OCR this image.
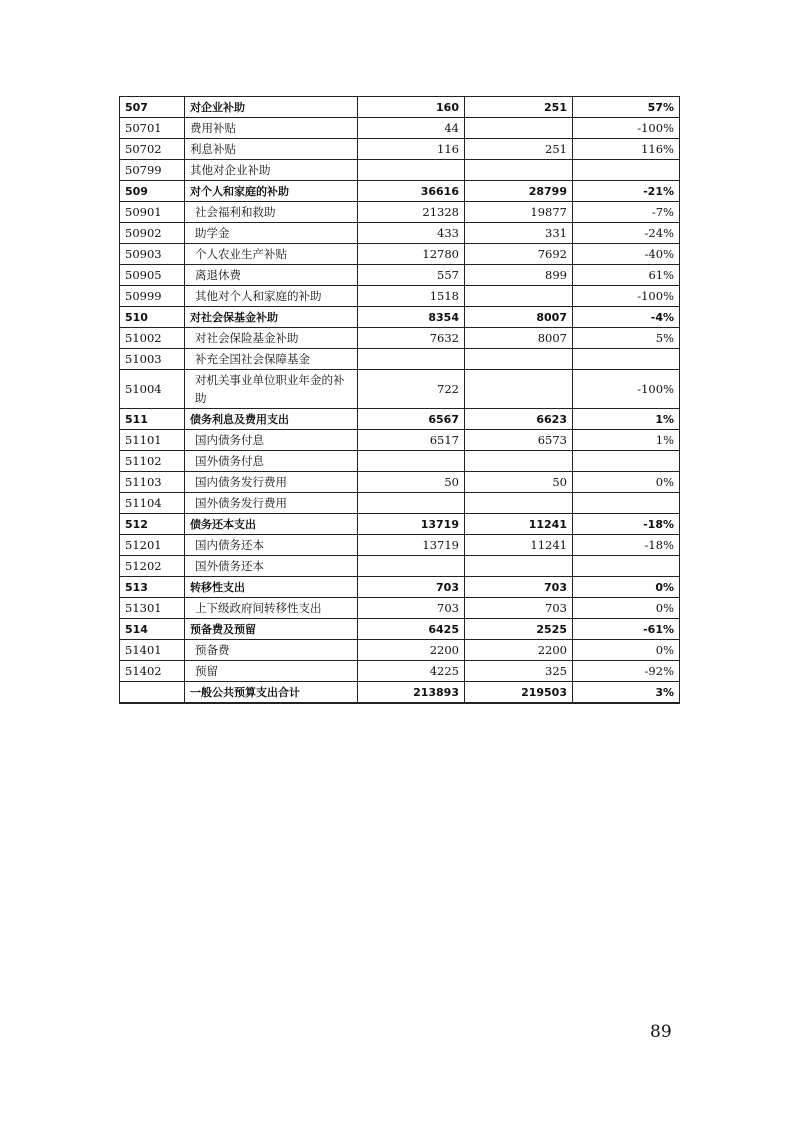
507	对企业补助	160	251	57%
50701	费用补贴	44		-100%
50702	利息补贴	116	251	116%
50799	其他对企业补助			
509	对个人和家庭的补助	36616	28799	-21%
50901	社会福利和救助	21328	19877	-7%
50902	助学金	433	331	-24%
50903	个人农业生产补贴	12780	7692	-40%
50905	离退休费	557	899	61%
50999	其他对个人和家庭的补助	1518		-100%
510	对社会保基金补助	8354	8007	-4%
51002	对社会保险基金补助	7632	8007	5%
51003	补充全国社会保障基金			
51004	对机关事业单位职业年金的补助	722		-100%
511	债务利息及费用支出	6567	6623	1%
51101	国内债务付息	6517	6573	1%
51102	国外债务付息			
51103	国内债务发行费用	50	50	0%
51104	国外债务发行费用			
512	债务还本支出	13719	11241	-18%
51201	国内债务还本	13719	11241	-18%
51202	国外债务还本			
513	转移性支出	703	703	0%
51301	上下级政府间转移性支出	703	703	0%
514	预备费及预留	6425	2525	-61%
51401	预备费	2200	2200	0%
51402	预留	4225	325	-92%
	一般公共预算支出合计	213893	219503	3%
89
